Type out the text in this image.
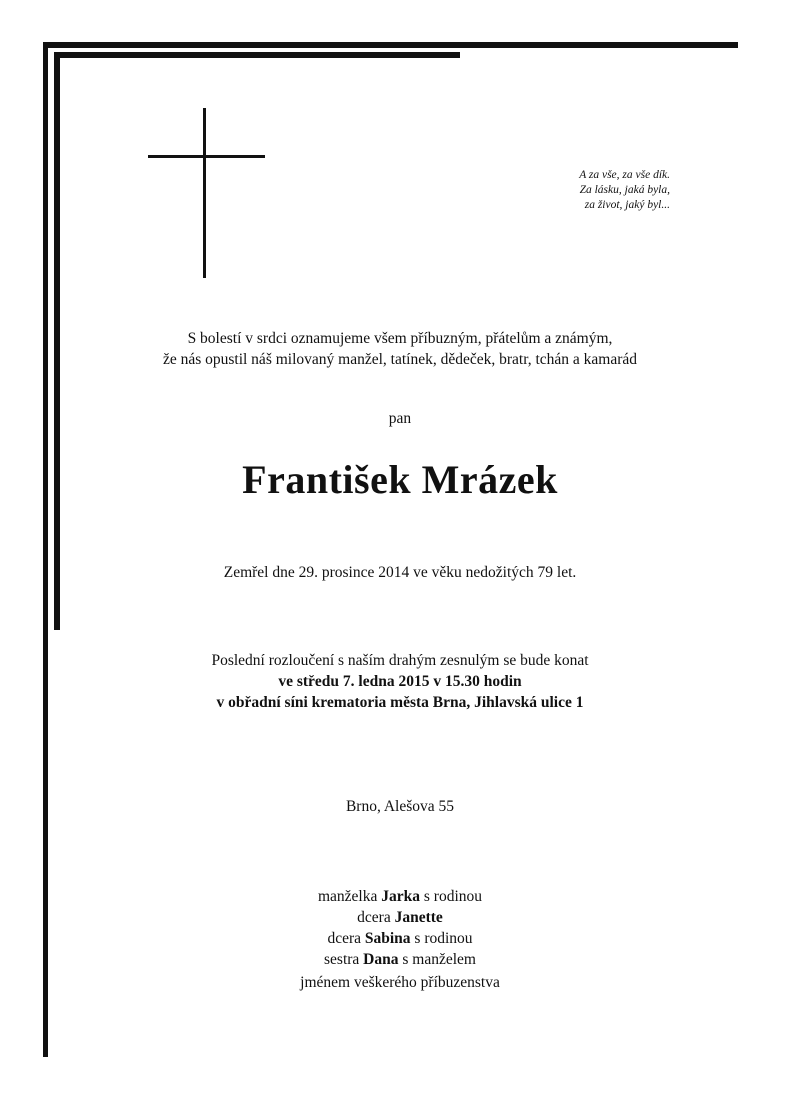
A za vše, za vše dík.
Za lásku, jaká byla,
za život, jaký byl...
S bolestí v srdci oznamujeme všem příbuzným, přátelům a známým,
že nás opustil náš milovaný manžel, tatínek, dědeček, bratr, tchán a kamarád
pan
František Mrázek
Zemřel dne 29. prosince 2014 ve věku nedožitých 79 let.
Poslední rozloučení s naším drahým zesnulým se bude konat
ve středu 7. ledna 2015 v 15.30 hodin
v obřadní síni krematoria města Brna, Jihlavská ulice 1
Brno, Alešova 55
manželka Jarka s rodinou
dcera Janette
dcera Sabina s rodinou
sestra Dana s manželem
jménem veškerého příbuzenstva
